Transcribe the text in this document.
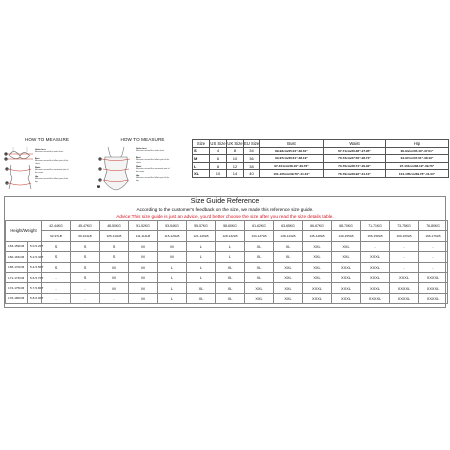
HOW TO MEASURE
1
2
3
4
Under bust
Measure around the under bust.
Bust
Measure around the fullest part of the chest.
Waist
Measure around the narrowest part of the waist.
Hip
Measure around the fullest part of the hip.
HOW TO MEASURE
1
2
3
Under bust
Measure around the under bust.
Bust
Measure around the fullest part of the chest.
Waist
Measure around the narrowest part of the waist.
Hip
Measure around the fullest part of the hip.
4
Size	US Size	UK Size	EU Size	Bust	Waist	Hip
S	4	8	34	89-93cm/35.04"-36.61"	67-71cm/26.38"-27.95"	90-94cm/35.43"-37.01"
M	6	10	36	93-97cm/36.61"-38.19"	70-73cm/27.56"-28.74"	94-97cm/37.01"-38.19"
L	8	12	38	97-101cm/38.19"-39.76"	73-76cm/28.74"-29.92"	97-101cm/38.19"-39.76"
XL	10	14	40	101-105cm/39.76"-41.34"	76-79cm/29.92"-31.10"	101-105cm/39.76"-41.34"
Size Guide Reference
According to the customer's feedback on the size, we made this reference size guide.
Advice:This size guide is just an advice, you'd better choose the size after you read the size details table.
Height/Weight		42-44KG	45-47KG	48-50KG	51-52KG	53-54KG	55-57KG	58-60KG	61-62KG	63-65KG	66-67KG	68-70KG	71-71KG	73-75KG	76-80KG
		92-97LB	99-104LB	105-110LB	111-114LB	115-120LB	121-126LB	128-132LB	134-137LB	138-144LB	145-148LB	149-155LB	156-158LB	160-165LB	166-176LB
153-159CM	5.0-5.2FT	S	S	S	M	M	L	L	XL	XL	XXL	XXL	-	-	-
160-164CM	5.2-5.4FT	S	S	S	M	M	L	L	XL	XL	XXL	XXL	XXXL	-	-
165-170CM	5.4-5.5FT	S	S	M	M	L	L	XL	XL	XXL	XXL	XXXL	XXXL	-	-
171-173CM	5.6-5.7FT	-	S	M	M	L	L	XL	XL	XXL	XXL	XXXL	XXXL	XXXL	XXXXL
174-175CM	5.7-5.8FT	-	-	M	M	L	XL	XL	XXL	XXL	XXXL	XXXL	XXXL	XXXXL	XXXXL
176-180CM	5.8-6.0FT	-	-	-	M	L	XL	XL	XXL	XXL	XXXL	XXXL	XXXXL	XXXXL	XXXXL
